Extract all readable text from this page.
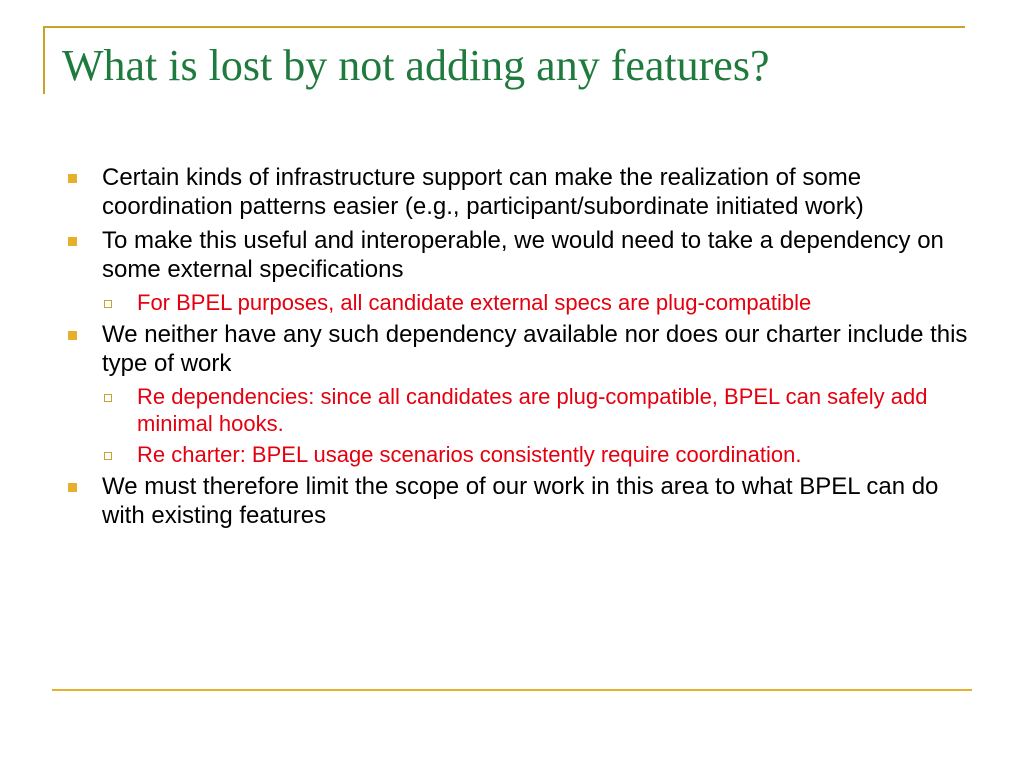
What is lost by not adding any features?
Certain kinds of infrastructure support can make the realization of some coordination patterns easier (e.g., participant/subordinate initiated work)
To make this useful and interoperable, we would need to take a dependency on some external specifications
For BPEL purposes, all candidate external specs are plug-compatible
We neither have any such dependency available nor does our charter include this type of work
Re dependencies: since all candidates are plug-compatible, BPEL can safely add minimal hooks.
Re charter: BPEL usage scenarios consistently require coordination.
We must therefore limit the scope of our work in this area to what BPEL can do with existing features
